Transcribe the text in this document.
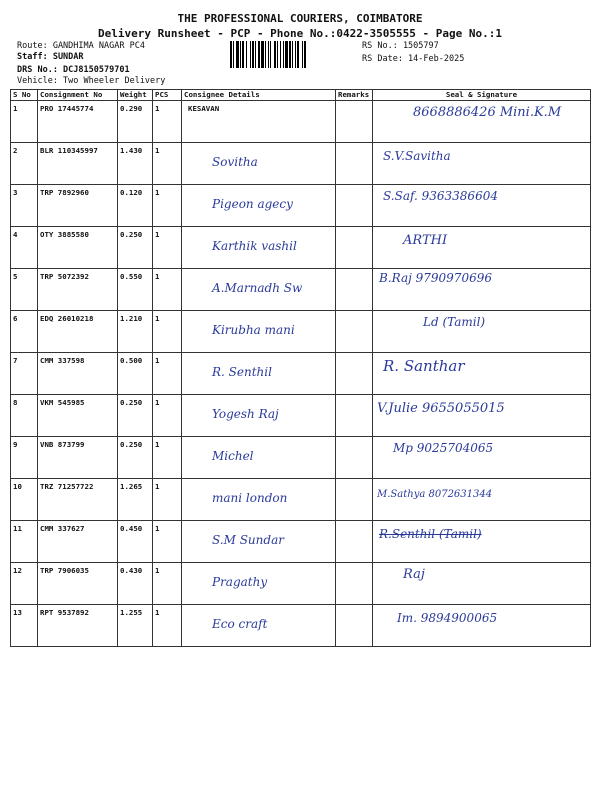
THE PROFESSIONAL COURIERS, COIMBATORE
Delivery Runsheet - PCP - Phone No.:0422-3505555 - Page No.:1
Route: GANDHIMA NAGAR PC4
Staff: SUNDAR
DRS No.: DCJ8150579701
Vehicle: Two Wheeler Delivery
RS No.: 1505797
RS Date: 14-Feb-2025
S No	Consignment No	Weight	PCS	Consignee Details	Remarks	Seal & Signature
1	PRO 17445774	0.290	1	KESAVAN		8668886426 Mini.K.M

2	BLR 110345997	1.430	1	Sovitha		S.V.Savitha

3	TRP 7892960	0.120	1	Pigeon agecy		S.Saf. 9363386604

4	OTY 3885580	0.250	1	Karthik vashil		ARTHI

5	TRP 5072392	0.550	1	A.Marnadh Sw		B.Raj 9790970696

6	EDQ 26010218	1.210	1	Kirubha mani		Ld (Tamil)

7	CMM 337598	0.500	1	R. Senthil		R. Santhar

8	VKM 545985	0.250	1	Yogesh Raj		V.Julie 9655055015

9	VNB 873799	0.250	1	Michel		Mp 9025704065

10	TRZ 71257722	1.265	1	mani london		M.Sathya 8072631344

11	CMM 337627	0.450	1	S.M Sundar		R.Senthil (Tamil)

12	TRP 7906035	0.430	1	Pragathy		Raj

13	RPT 9537892	1.255	1	Eco craft		Im. 9894900065
